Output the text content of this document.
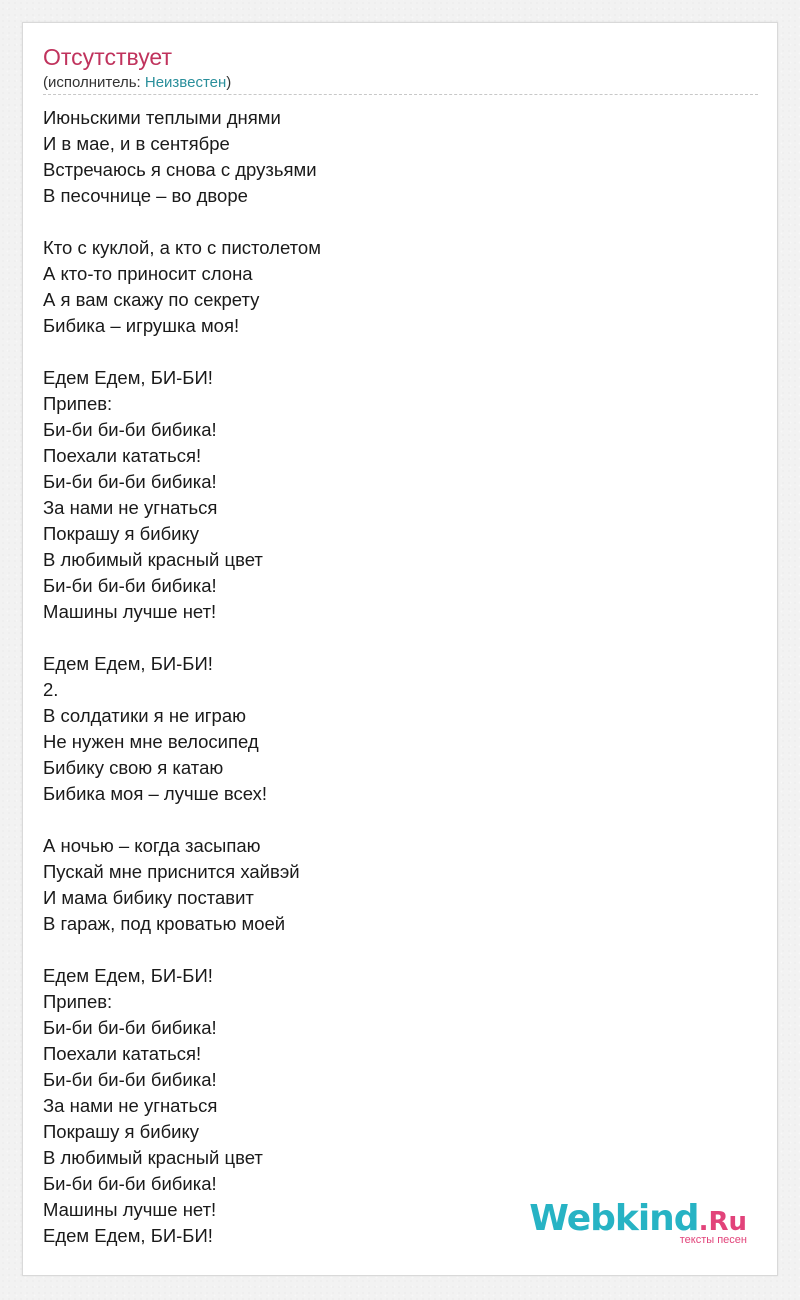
Отсутствует
(исполнитель: Неизвестен)
Июньскими теплыми днями
И в мае, и в сентябре
Встречаюсь я снова с друзьями
В песочнице – во дворе
Кто с куклой, а кто с пистолетом
А кто-то приносит слона
А я вам скажу по секрету
Бибика – игрушка моя!
Едем Едем, БИ-БИ!
Припев:
Би-би би-би бибика!
Поехали кататься!
Би-би би-би бибика!
За нами не угнаться
Покрашу я бибику
В любимый красный цвет
Би-би би-би бибика!
Машины лучше нет!
Едем Едем, БИ-БИ!
2.
В солдатики я не играю
Не нужен мне велосипед
Бибику свою я катаю
Бибика моя – лучше всех!
А ночью – когда засыпаю
Пускай мне приснится хайвэй
И мама бибику поставит
В гараж, под кроватью моей
Едем Едем, БИ-БИ!
Припев:
Би-би би-би бибика!
Поехали кататься!
Би-би би-би бибика!
За нами не угнаться
Покрашу я бибику
В любимый красный цвет
Би-би би-би бибика!
Машины лучше нет!
Едем Едем, БИ-БИ!	Webkind.Ru
тексты песен
